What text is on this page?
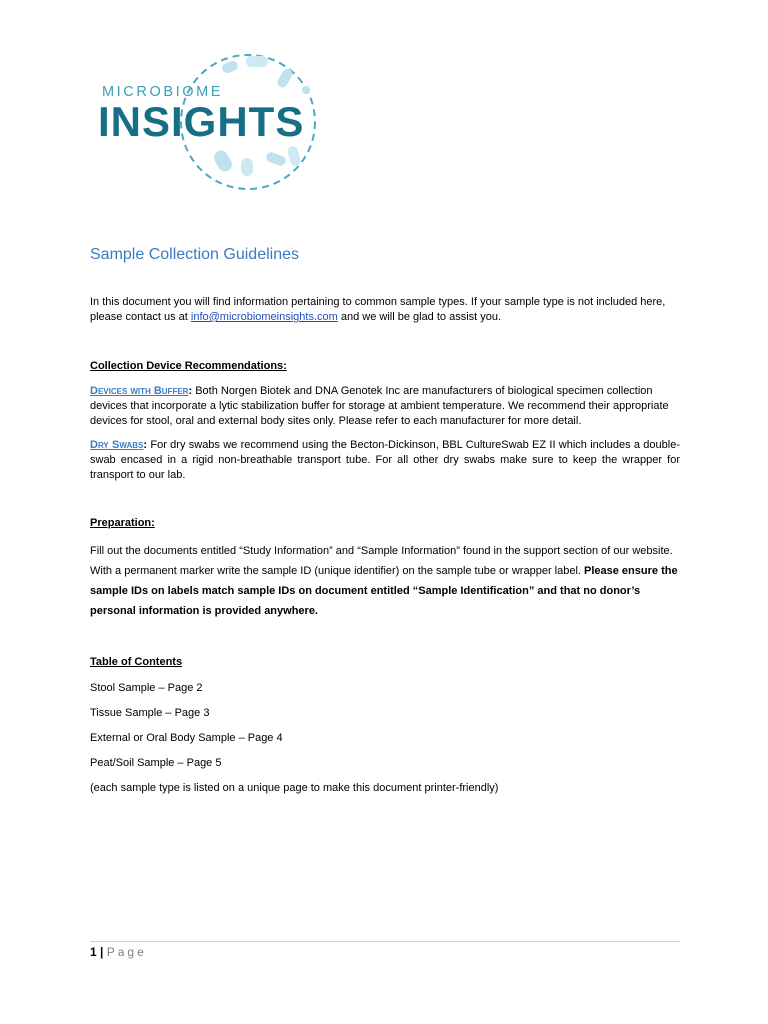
MICROBIOME
INSIGHTS
Sample Collection Guidelines
In this document you will find information pertaining to common sample types. If your sample type is not included here, please contact us at info@microbiomeinsights.com and we will be glad to assist you.
Collection Device Recommendations:
Devices with Buffer: Both Norgen Biotek and DNA Genotek Inc are manufacturers of biological specimen collection devices that incorporate a lytic stabilization buffer for storage at ambient temperature. We recommend their appropriate devices for stool, oral and external body sites only. Please refer to each manufacturer for more detail.
Dry Swabs: For dry swabs we recommend using the Becton-Dickinson, BBL CultureSwab EZ II which includes a double-swab encased in a rigid non-breathable transport tube. For all other dry swabs make sure to keep the wrapper for transport to our lab.
Preparation:
Fill out the documents entitled “Study Information” and “Sample Information” found in the support section of our website. With a permanent marker write the sample ID (unique identifier) on the sample tube or wrapper label. Please ensure the sample IDs on labels match sample IDs on document entitled “Sample Identification” and that no donor’s personal information is provided anywhere.
Table of Contents
Stool Sample – Page 2
Tissue Sample – Page 3
External or Oral Body Sample – Page 4
Peat/Soil Sample – Page 5
(each sample type is listed on a unique page to make this document printer-friendly)
1 | Page
